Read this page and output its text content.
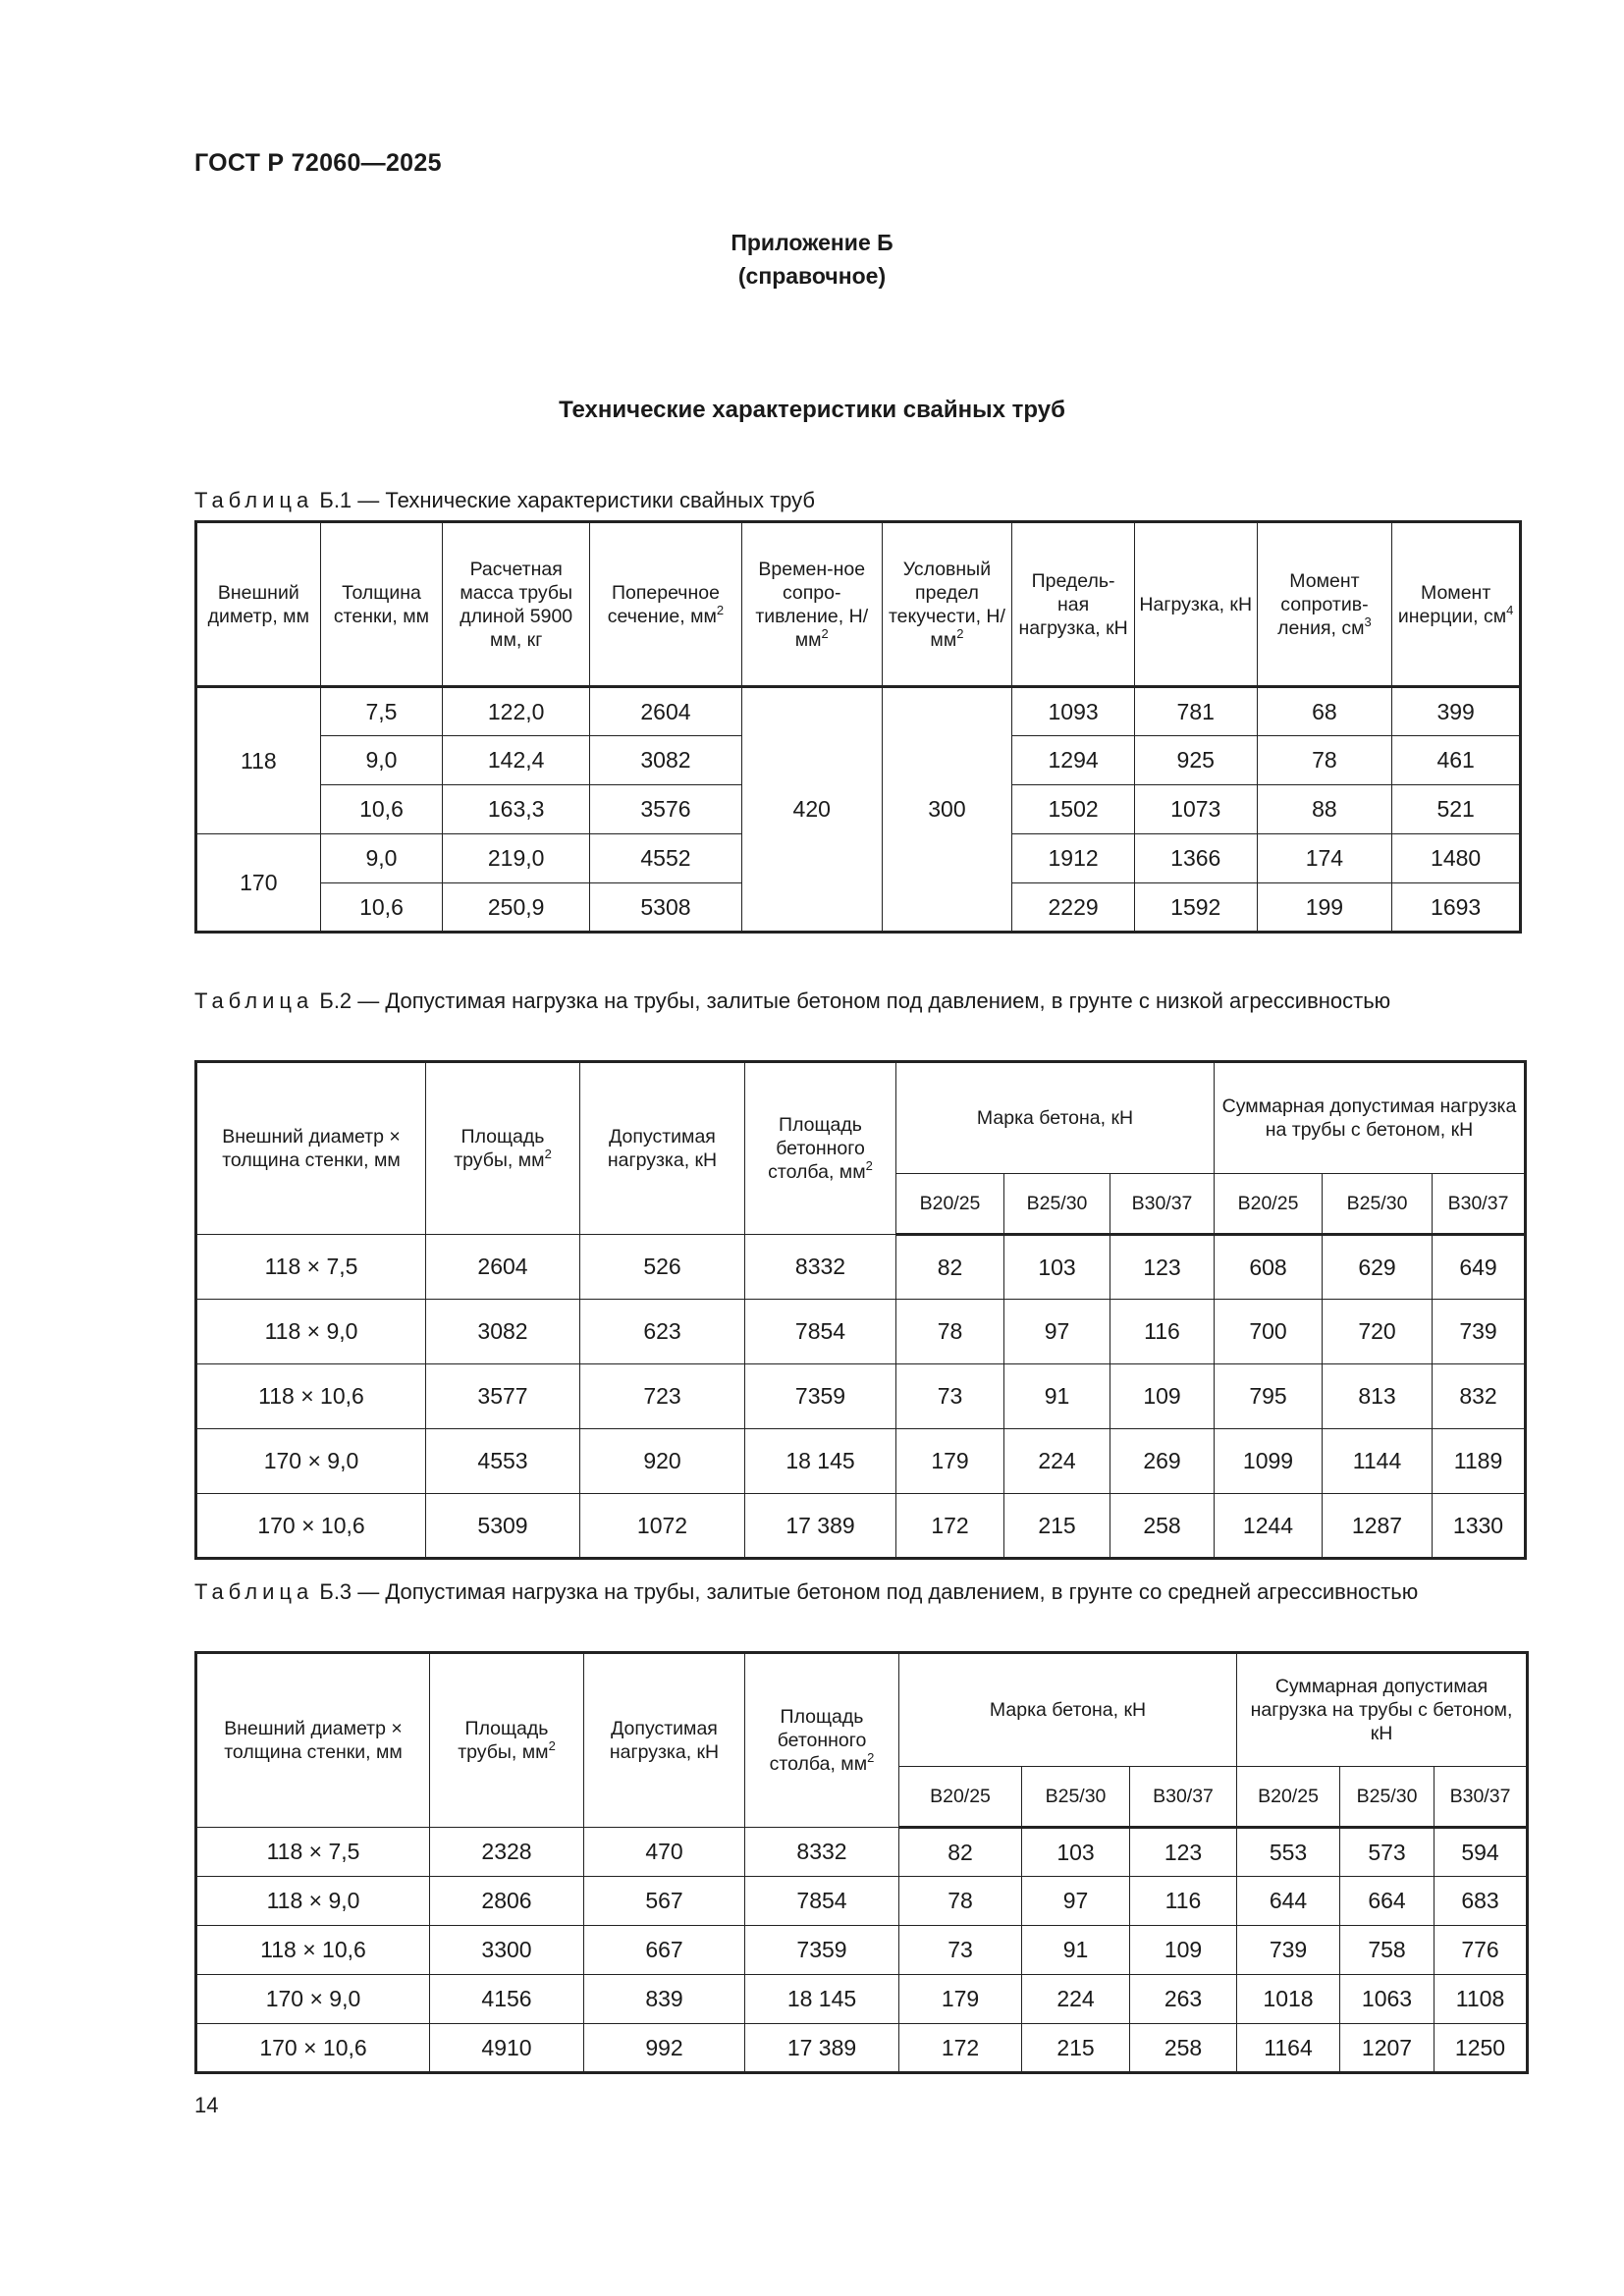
ГОСТ Р 72060—2025
Приложение Б
(справочное)
Технические характеристики свайных труб
Таблица Б.1 — Технические характеристики свайных труб
Внешний диметр, мм	Толщина стенки, мм	Расчетная масса трубы длиной 5900 мм, кг	Поперечное сечение, $мм^2$	Времен-ное сопро-тивление, $Н/мм^2$	Условный предел текучести, $Н/мм^2$	Предель-ная нагрузка, кН	Нагрузка, кН	Момент сопротив-ления, $см^3$	Момент инерции, $см^4$
118	7,5	122,0	2604	420	300	1093	781	68	399
	9,0	142,4	3082			1294	925	78	461
	10,6	163,3	3576			1502	1073	88	521
170	9,0	219,0	4552			1912	1366	174	1480
	10,6	250,9	5308			2229	1592	199	1693
Таблица Б.2 — Допустимая нагрузка на трубы, залитые бетоном под давлением, в грунте с низкой агрессивностью
Внешний диаметр × толщина стенки, мм	Площадь трубы, $мм^2$	Допустимая нагрузка, кН	Площадь бетонного столба, $мм^2$	Марка бетона, кН			Суммарная допустимая нагрузка на трубы с бетоном, кН		
				В20/25	В25/30	В30/37	В20/25	В25/30	В30/37
118 × 7,5	2604	526	8332	82	103	123	608	629	649
118 × 9,0	3082	623	7854	78	97	116	700	720	739
118 × 10,6	3577	723	7359	73	91	109	795	813	832
170 × 9,0	4553	920	18 145	179	224	269	1099	1144	1189
170 × 10,6	5309	1072	17 389	172	215	258	1244	1287	1330
Таблица Б.3 — Допустимая нагрузка на трубы, залитые бетоном под давлением, в грунте со средней агрессивностью
Внешний диаметр × толщина стенки, мм	Площадь трубы, $мм^2$	Допустимая нагрузка, кН	Площадь бетонного столба, $мм^2$	Марка бетона, кН			Суммарная допустимая нагрузка на трубы с бетоном, кН		
				В20/25	В25/30	В30/37	В20/25	В25/30	В30/37
118 × 7,5	2328	470	8332	82	103	123	553	573	594
118 × 9,0	2806	567	7854	78	97	116	644	664	683
118 × 10,6	3300	667	7359	73	91	109	739	758	776
170 × 9,0	4156	839	18 145	179	224	263	1018	1063	1108
170 × 10,6	4910	992	17 389	172	215	258	1164	1207	1250
14
